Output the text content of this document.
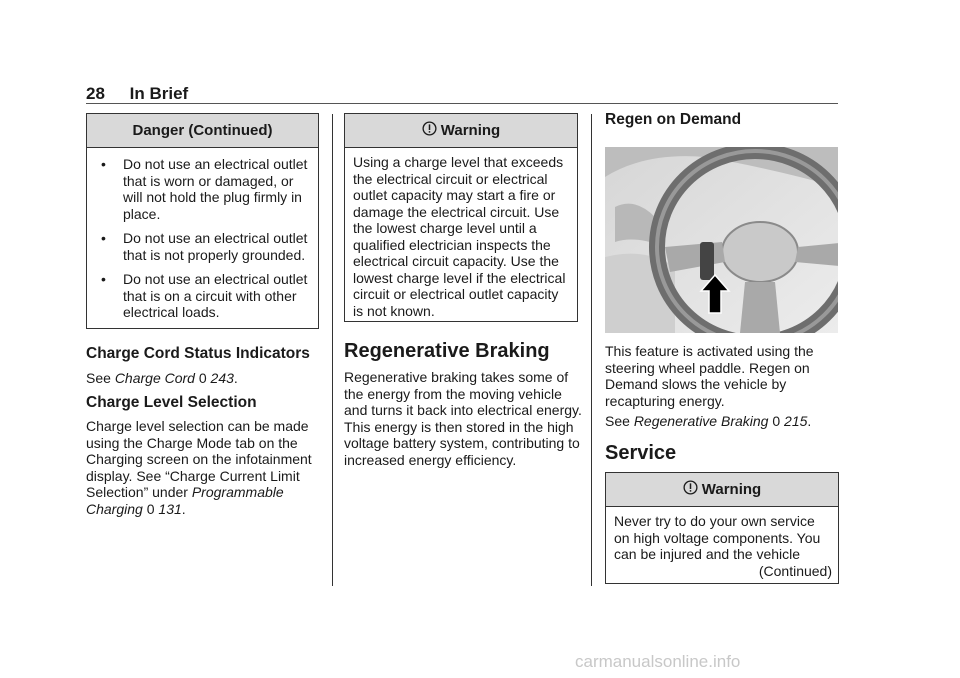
28 In Brief
Danger (Continued)
•	Do not use an electrical outlet that is worn or damaged, or will not hold the plug firmly in place.
•	Do not use an electrical outlet that is not properly grounded.
•	Do not use an electrical outlet that is on a circuit with other electrical loads.
Charge Cord Status Indicators
See Charge Cord 0 243.
Charge Level Selection
Charge level selection can be made using the Charge Mode tab on the Charging screen on the infotainment display. See “Charge Current Limit Selection” under Programmable Charging 0 131.
Warning
Using a charge level that exceeds the electrical circuit or electrical outlet capacity may start a fire or damage the electrical circuit. Use the lowest charge level until a qualified electrician inspects the electrical circuit capacity. Use the lowest charge level if the electrical circuit or electrical outlet capacity is not known.
Regenerative Braking
Regenerative braking takes some of the energy from the moving vehicle and turns it back into electrical energy. This energy is then stored in the high voltage battery system, contributing to increased energy efficiency.
Regen on Demand
This feature is activated using the steering wheel paddle. Regen on Demand slows the vehicle by recapturing energy.
See Regenerative Braking 0 215.
Service
Warning
Never try to do your own service on high voltage components. You can be injured and the vehicle
(Continued)
carmanualsonline.info
